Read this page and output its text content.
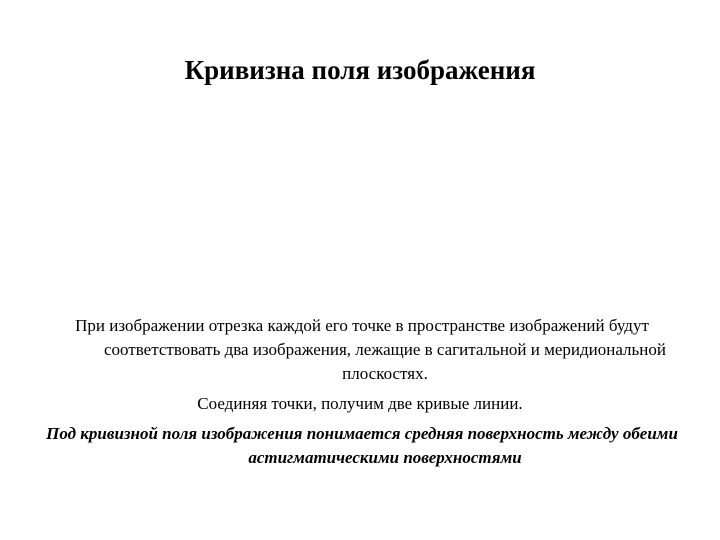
Кривизна поля изображения

При изображении отрезка каждой его точке в пространстве изображений будут соответствовать два изображения, лежащие в сагитальной и меридиональной плоскостях.

Соединяя точки, получим две кривые линии.

Под кривизной поля изображения понимается средняя поверхность между обеими астигматическими поверхностями
